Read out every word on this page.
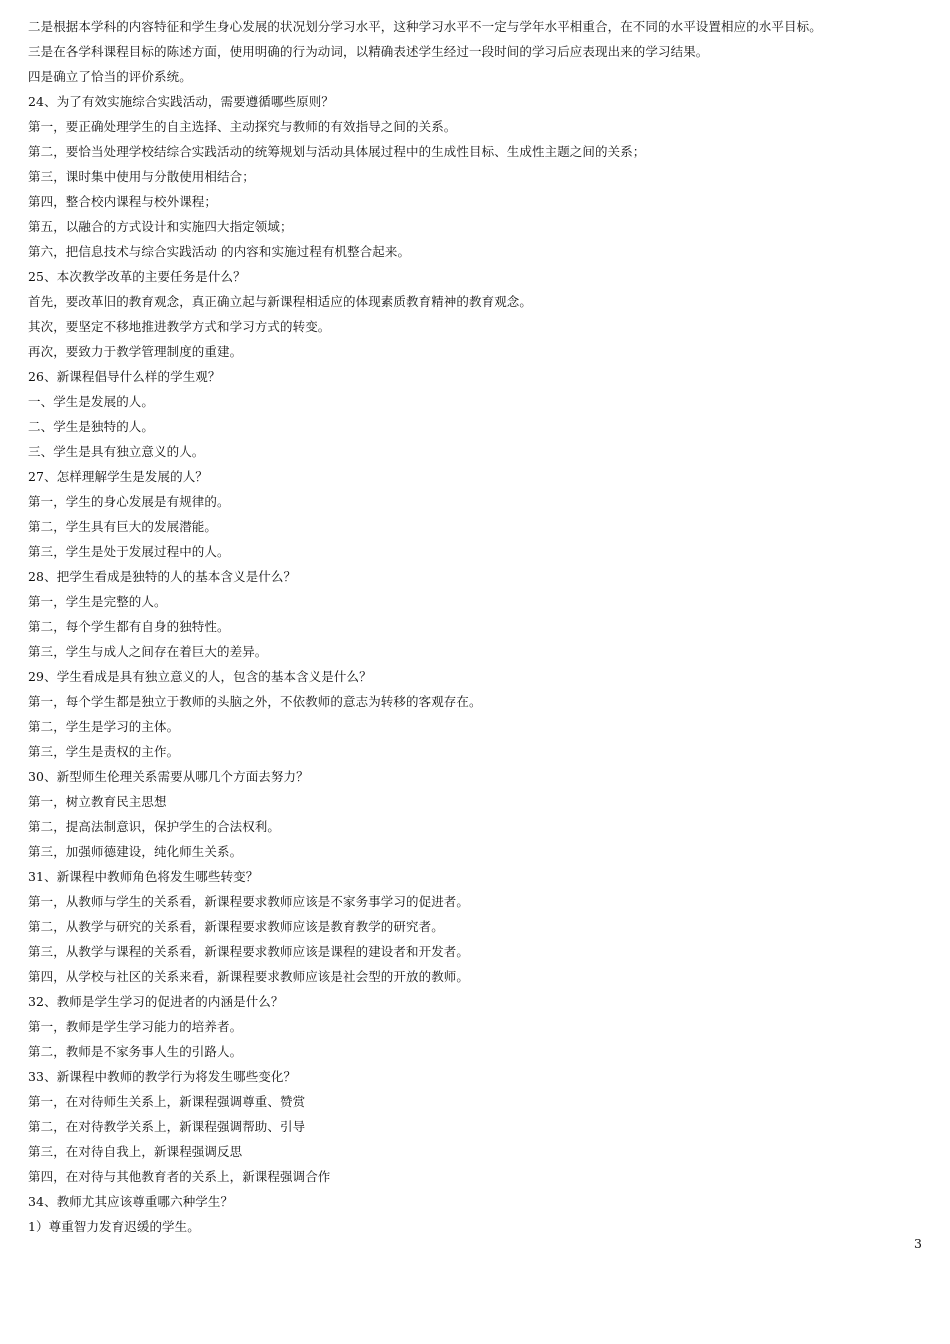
二是根据本学科的内容特征和学生身心发展的状况划分学习水平，这种学习水平不一定与学年水平相重合，在不同的水平设置相应的水平目标。
三是在各学科课程目标的陈述方面，使用明确的行为动词，以精确表述学生经过一段时间的学习后应表现出来的学习结果。
四是确立了恰当的评价系统。
24、为了有效实施综合实践活动，需要遵循哪些原则？
第一，要正确处理学生的自主选择、主动探究与教师的有效指导之间的关系。
第二，要恰当处理学校结综合实践活动的统筹规划与活动具体展过程中的生成性目标、生成性主题之间的关系；
第三，课时集中使用与分散使用相结合；
第四，整合校内课程与校外课程；
第五，以融合的方式设计和实施四大指定领域；
第六，把信息技术与综合实践活动 的内容和实施过程有机整合起来。
25、本次教学改革的主要任务是什么？
首先，要改革旧的教育观念，真正确立起与新课程相适应的体现素质教育精神的教育观念。
其次，要坚定不移地推进教学方式和学习方式的转变。
再次，要致力于教学管理制度的重建。
26、新课程倡导什么样的学生观？
一、学生是发展的人。
二、学生是独特的人。
三、学生是具有独立意义的人。
27、怎样理解学生是发展的人？
第一，学生的身心发展是有规律的。
第二，学生具有巨大的发展潜能。
第三，学生是处于发展过程中的人。
28、把学生看成是独特的人的基本含义是什么？
第一，学生是完整的人。
第二，每个学生都有自身的独特性。
第三，学生与成人之间存在着巨大的差异。
29、学生看成是具有独立意义的人，包含的基本含义是什么？
第一，每个学生都是独立于教师的头脑之外，不依教师的意志为转移的客观存在。
第二，学生是学习的主体。
第三，学生是责权的主作。
30、新型师生伦理关系需要从哪几个方面去努力？
第一，树立教育民主思想
第二，提高法制意识，保护学生的合法权利。
第三，加强师德建设，纯化师生关系。
31、新课程中教师角色将发生哪些转变？
第一，从教师与学生的关系看，新课程要求教师应该是不家务事学习的促进者。
第二，从教学与研究的关系看，新课程要求教师应该是教育教学的研究者。
第三，从教学与课程的关系看，新课程要求教师应该是课程的建设者和开发者。
第四，从学校与社区的关系来看，新课程要求教师应该是社会型的开放的教师。
32、教师是学生学习的促进者的内涵是什么？
第一，教师是学生学习能力的培养者。
第二，教师是不家务事人生的引路人。
33、新课程中教师的教学行为将发生哪些变化？
第一，在对待师生关系上，新课程强调尊重、赞赏
第二，在对待教学关系上，新课程强调帮助、引导
第三，在对待自我上，新课程强调反思
第四，在对待与其他教育者的关系上，新课程强调合作
34、教师尤其应该尊重哪六种学生？
1）尊重智力发育迟缓的学生。
3
